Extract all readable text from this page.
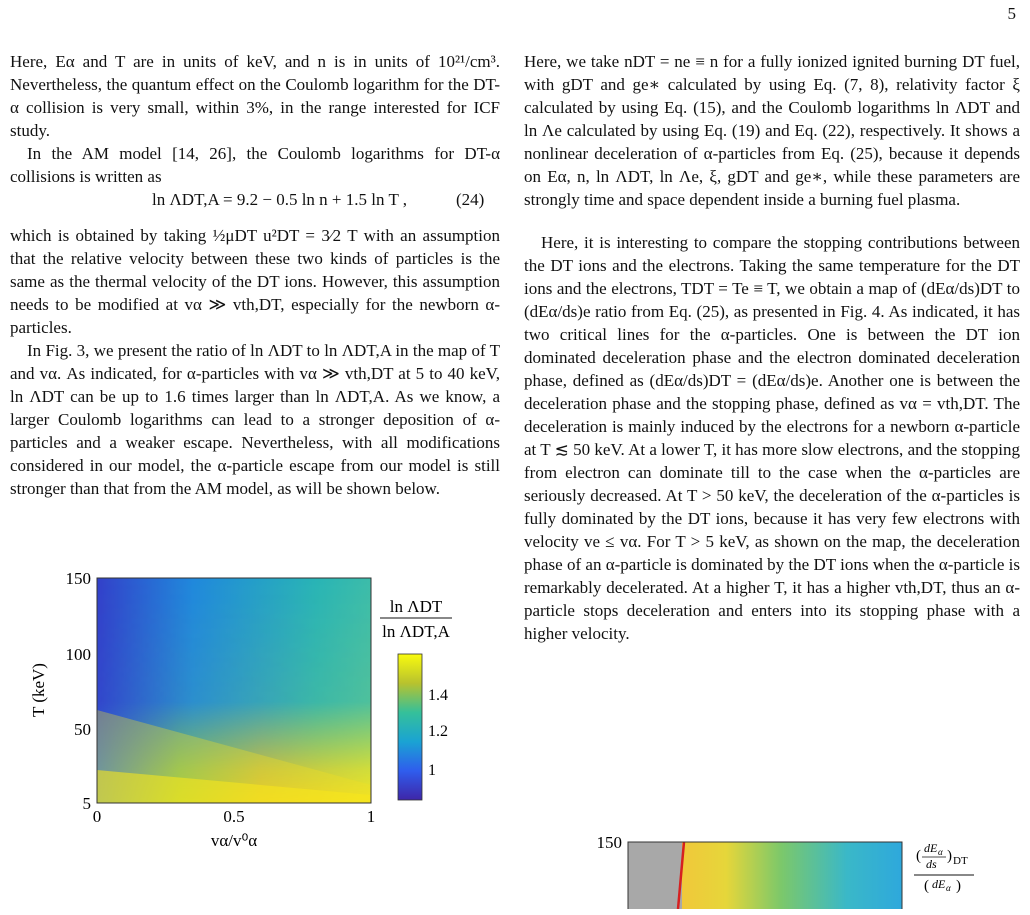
5

Here, Eα and T are in units of keV, and n is in units of 10²¹/cm³. Nevertheless, the quantum effect on the Coulomb logarithm for the DT-α collision is very small, within 3%, in the range interested for ICF study.

In the AM model [14, 26], the Coulomb logarithms for DT-α collisions is written as

ln ΛDT,A = 9.2 − 0.5 ln n + 1.5 ln T ,	(24)

which is obtained by taking ½μDT u²DT = 3⁄2 T with an assumption that the relative velocity between these two kinds of particles is the same as the thermal velocity of the DT ions. However, this assumption needs to be modified at vα ≫ vth,DT, especially for the newborn α-particles.

In Fig. 3, we present the ratio of ln ΛDT to ln ΛDT,A in the map of T and vα. As indicated, for α-particles with vα ≫ vth,DT at 5 to 40 keV, ln ΛDT can be up to 1.6 times larger than ln ΛDT,A. As we know, a larger Coulomb logarithms can lead to a stronger deposition of α-particles and a weaker escape. Nevertheless, with all modifications considered in our model, the α-particle escape from our model is still stronger than that from the AM model, as will be shown below.

150
100
50
5
T (keV)
0	0.5	1
vα/v⁰α
ln ΛDT
ln ΛDT,A
1.4
1.2
1

Here, we take nDT = ne ≡ n for a fully ionized ignited burning DT fuel, with gDT and ge∗ calculated by using Eq. (7, 8), relativity factor ξ calculated by using Eq. (15), and the Coulomb logarithms ln ΛDT and ln Λe calculated by using Eq. (19) and Eq. (22), respectively. It shows a nonlinear deceleration of α-particles from Eq. (25), because it depends on Eα, n, ln ΛDT, ln Λe, ξ, gDT and ge∗, while these parameters are strongly time and space dependent inside a burning fuel plasma.

Here, it is interesting to compare the stopping contributions between the DT ions and the electrons. Taking the same temperature for the DT ions and the electrons, TDT = Te ≡ T, we obtain a map of (dEα/ds)DT to (dEα/ds)e ratio from Eq. (25), as presented in Fig. 4. As indicated, it has two critical lines for the α-particles. One is between the DT ion dominated deceleration phase and the electron dominated deceleration phase, defined as (dEα/ds)DT = (dEα/ds)e. Another one is between the deceleration phase and the stopping phase, defined as vα = vth,DT. The deceleration is mainly induced by the electrons for a newborn α-particle at T ≲ 50 keV. At a lower T, it has more slow electrons, and the stopping from electron can dominate till to the case when the α-particles are seriously decreased. At T > 50 keV, the deceleration of the α-particles is fully dominated by the DT ions, because it has very few electrons with velocity ve ≤ vα. For T > 5 keV, as shown on the map, the deceleration phase of an α-particle is dominated by the DT ions when the α-particle is remarkably decelerated. At a higher T, it has a higher vth,DT, thus an α-particle stops deceleration and enters into its stopping phase with a higher velocity.

150
( dE α
ds ) DT
( dE α )
